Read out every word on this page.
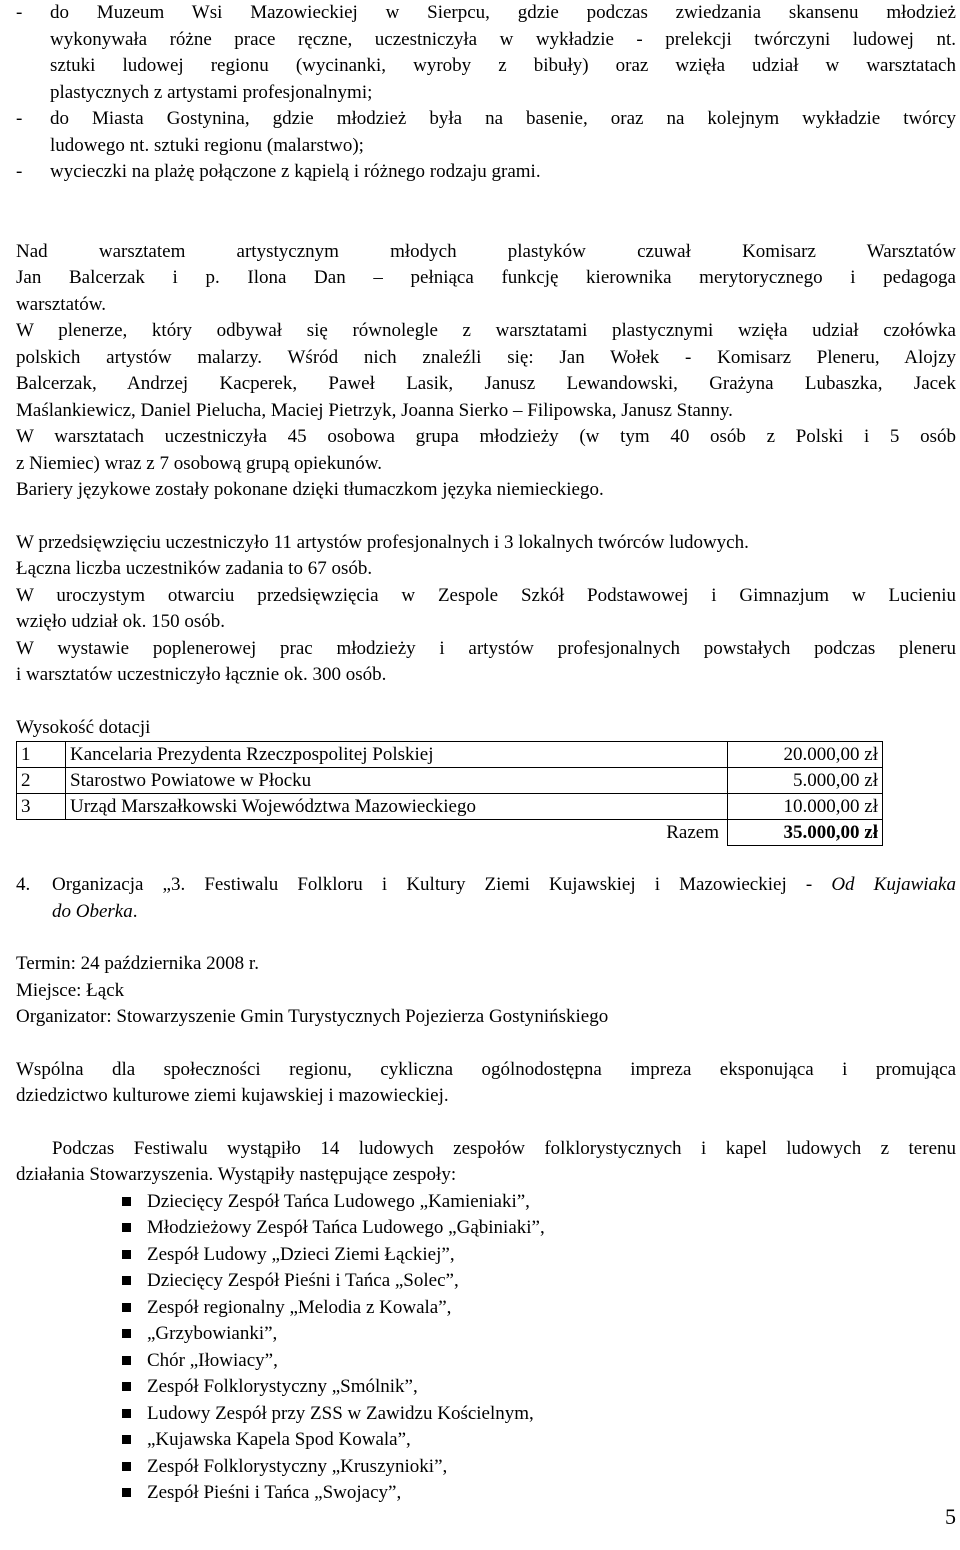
-	do Muzeum Wsi Mazowieckiej w Sierpcu, gdzie podczas zwiedzania skansenu młodzież
wykonywała różne prace ręczne, uczestniczyła w wykładzie - prelekcji twórczyni ludowej nt.
sztuki ludowej regionu (wycinanki, wyroby z bibuły) oraz wzięła udział w warsztatach
plastycznych z artystami profesjonalnymi;
-	do Miasta Gostynina, gdzie młodzież była na basenie, oraz na kolejnym wykładzie twórcy
ludowego nt. sztuki regionu (malarstwo);
-	wycieczki na plażę połączone z kąpielą i różnego rodzaju grami.
Nad warsztatem artystycznym młodych plastyków czuwał Komisarz Warsztatów
Jan Balcerzak i p. Ilona Dan – pełniąca funkcję kierownika merytorycznego i pedagoga
warsztatów.
W plenerze, który odbywał się równolegle z warsztatami plastycznymi wzięła udział czołówka
polskich artystów malarzy. Wśród nich znaleźli się: Jan Wołek - Komisarz Pleneru, Alojzy
Balcerzak, Andrzej Kacperek, Paweł Lasik, Janusz Lewandowski, Grażyna Lubaszka, Jacek
Maślankiewicz, Daniel Pielucha, Maciej Pietrzyk, Joanna Sierko – Filipowska, Janusz Stanny.
W warsztatach uczestniczyła 45 osobowa grupa młodzieży (w tym 40 osób z Polski i 5 osób
z Niemiec) wraz z 7 osobową grupą opiekunów.
Bariery językowe zostały pokonane dzięki tłumaczkom języka niemieckiego.
W przedsięwzięciu uczestniczyło 11 artystów profesjonalnych i 3 lokalnych twórców ludowych.
Łączna liczba uczestników zadania to 67 osób.
W uroczystym otwarciu przedsięwzięcia w Zespole Szkół Podstawowej i Gimnazjum w Lucieniu
wzięło udział ok. 150 osób.
W wystawie poplenerowej prac młodzieży i artystów profesjonalnych powstałych podczas pleneru
i warsztatów uczestniczyło łącznie ok. 300 osób.
Wysokość dotacji
1	Kancelaria Prezydenta Rzeczpospolitej Polskiej	20.000,00 zł
2	Starostwo Powiatowe w Płocku	5.000,00 zł
3	Urząd Marszałkowski Województwa Mazowieckiego	10.000,00 zł
Razem		35.000,00 zł
4.	Organizacja „3. Festiwalu Folkloru i Kultury Ziemi Kujawskiej i Mazowieckiej - Od Kujawiaka
do Oberka.
Termin: 24 października 2008 r.
Miejsce: Łąck
Organizator: Stowarzyszenie Gmin Turystycznych Pojezierza Gostynińskiego
Wspólna dla społeczności regionu, cykliczna ogólnodostępna impreza eksponująca i promująca
dziedzictwo kulturowe ziemi kujawskiej i mazowieckiej.
Podczas Festiwalu wystąpiło 14 ludowych zespołów folklorystycznych i kapel ludowych z terenu
działania Stowarzyszenia. Wystąpiły następujące zespoły:
Dziecięcy Zespół Tańca Ludowego „Kamieniaki”,
Młodzieżowy Zespół Tańca Ludowego „Gąbiniaki”,
Zespół Ludowy „Dzieci Ziemi Łąckiej”,
Dziecięcy Zespół Pieśni i Tańca „Solec”,
Zespół regionalny „Melodia z Kowala”,
„Grzybowianki”,
Chór „Iłowiacy”,
Zespół Folklorystyczny „Smólnik”,
Ludowy Zespół przy ZSS w Zawidzu Kościelnym,
„Kujawska Kapela Spod Kowala”,
Zespół Folklorystyczny „Kruszynioki”,
Zespół Pieśni i Tańca „Swojacy”,
5
